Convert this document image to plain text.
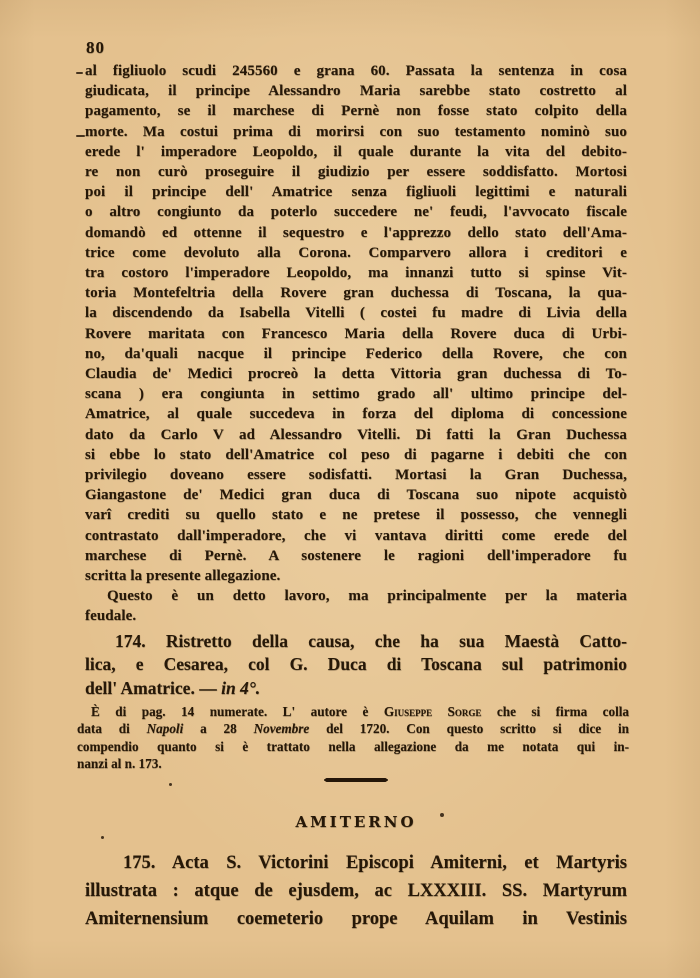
80
al figliuolo scudi 245560 e grana 60. Passata la sentenza in cosa
giudicata, il principe Alessandro Maria sarebbe stato costretto al
pagamento, se il marchese di Pernè non fosse stato colpito della
morte. Ma costui prima di morirsi con suo testamento nominò suo
erede l' imperadore Leopoldo, il quale durante la vita del debito-
re non curò proseguire il giudizio per essere soddisfatto. Mortosi
poi il principe dell' Amatrice senza figliuoli legittimi e naturali
o altro congiunto da poterlo succedere ne' feudi, l'avvocato fiscale
domandò ed ottenne il sequestro e l'apprezzo dello stato dell'Ama-
trice come devoluto alla Corona. Comparvero allora i creditori e
tra costoro l'imperadore Leopoldo, ma innanzi tutto si spinse Vit-
toria Montefeltria della Rovere gran duchessa di Toscana, la qua-
la discendendo da Isabella Vitelli ( costei fu madre di Livia della
Rovere maritata con Francesco Maria della Rovere duca di Urbi-
no, da'quali nacque il principe Federico della Rovere, che con
Claudia de' Medici procreò la detta Vittoria gran duchessa di To-
scana ) era congiunta in settimo grado all' ultimo principe del-
Amatrice, al quale succedeva in forza del diploma di concessione
dato da Carlo V ad Alessandro Vitelli. Di fatti la Gran Duchessa
si ebbe lo stato dell'Amatrice col peso di pagarne i debiti che con
privilegio doveano essere sodisfatti. Mortasi la Gran Duchessa,
Giangastone de' Medici gran duca di Toscana suo nipote acquistò
varî crediti su quello stato e ne pretese il possesso, che vennegli
contrastato dall'imperadore, che vi vantava diritti come erede del
marchese di Pernè. A sostenere le ragioni dell'imperadore fu
scritta la presente allegazione.
Questo è un detto lavoro, ma principalmente per la materia
feudale.
174. Ristretto della causa, che ha sua Maestà Catto-
lica, e Cesarea, col G. Duca di Toscana sul patrimonio
dell' Amatrice. — in 4°.
È di pag. 14 numerate. L' autore è Giuseppe Sorge che si firma colla
data di Napoli a 28 Novembre del 1720. Con questo scritto si dice in
compendio quanto si è trattato nella allegazione da me notata qui in-
nanzi al n. 173.
AMITERNO
175. Acta S. Victorini Episcopi Amiterni, et Martyris
illustrata : atque de ejusdem, ac LXXXIII. SS. Martyrum
Amiternensium coemeterio prope Aquilam in Vestinis
